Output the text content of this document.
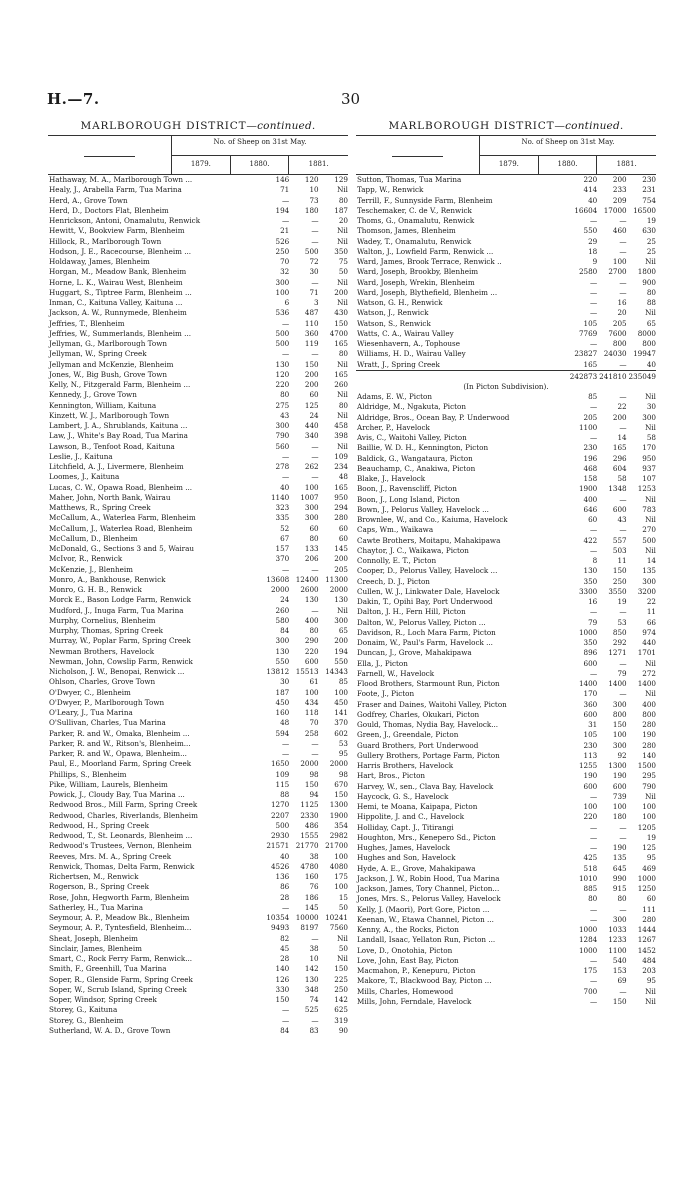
H.—7.	30
MARLBOROUGH DISTRICT—continued.
No. of Sheep on 31st May.
1879.	1880.	1881.
Hathaway, M. A., Marlborough Town ...	146	120	129
Healy, J., Arabella Farm, Tua Marina	71	10	Nil
Herd, A., Grove Town	—	73	80
Herd, D., Doctors Flat, Blenheim	194	180	187
Henrickson, Antoni, Onamalutu, Renwick	—	—	20
Hewitt, V., Bookview Farm, Blenheim	21	—	Nil
Hillock, R., Marlborough Town	526	—	Nil
Hodson, J. E., Racecourse, Blenheim ...	250	500	350
Holdaway, James, Blenheim	70	72	75
Horgan, M., Meadow Bank, Blenheim	32	30	50
Horne, L. K., Wairau West, Blenheim	300	—	Nil
Huggart, S., Tiptree Farm, Blenheim ...	100	71	200
Inman, C., Kaituna Valley, Kaituna ...	6	3	Nil
Jackson, A. W., Runnymede, Blenheim	536	487	430
Jeffries, T., Blenheim	—	110	150
Jeffries, W., Summerlands, Blenheim ...	500	360	4700
Jellyman, G., Marlborough Town	500	119	165
Jellyman, W., Spring Creek	—	—	80
Jellyman and McKenzie, Blenheim	130	150	Nil
Jones, W., Big Bush, Grove Town	120	200	165
Kelly, N., Fitzgerald Farm, Blenheim ...	220	200	260
Kennedy, J., Grove Town	80	60	Nil
Kennington, William, Kaituna	275	125	80
Kinzett, W. J., Marlborough Town	43	24	Nil
Lambert, J. A., Shrublands, Kaituna ...	300	440	458
Law, J., White's Bay Road, Tua Marina	790	340	398
Lawson, B., Tenfoot Road, Kaituna	560	—	Nil
Leslie, J., Kaituna	—	—	109
Litchfield, A. J., Livermere, Blenheim	278	262	234
Loomes, J., Kaituna	—	—	48
Lucas, C. W., Opawa Road, Blenheim ...	40	100	165
Maher, John, North Bank, Wairau	1140	1007	950
Matthews, R., Spring Creek	323	300	294
McCallum, A., Waterlea Farm, Blenheim	335	300	280
McCallum, J., Waterlea Road, Blenheim	52	60	60
McCallum, D., Blenheim	67	80	60
McDonald, G., Sections 3 and 5, Wairau	157	133	145
McIvor, R., Renwick	370	206	200
McKenzie, J., Blenheim	—	—	205
Monro, A., Bankhouse, Renwick	13608 12400 11300
Monro, G. H. B., Renwick	2000	2600	2000
Morck E., Bason Lodge Farm, Renwick	24	130	130
Mudford, J., Inuga Farm, Tua Marina	260	—	Nil
Murphy, Cornelius, Blenheim	580	400	300
Murphy, Thomas, Spring Creek	84	80	65
Murray, W., Poplar Farm, Spring Creek	300	290	200
Newman Brothers, Havelock	130	220	194
Newman, John, Cowslip Farm, Renwick	550	600	550
Nicholson, J. W., Benopai, Renwick ...	13812 15513 14343
Ohlson, Charles, Grove Town	30	61	85
O'Dwyer, C., Blenheim	187	100	100
O'Dwyer, P., Marlborough Town	450	434	450
O'Leary, J., Tua Marina	160	118	141
O'Sullivan, Charles, Tua Marina	48	70	370
Parker, R. and W., Omaka, Blenheim ...	594	258	602
Parker, R. and W., Ritson's, Blenheim...	—	—	53
Parker, R. and W., Opawa, Blenheim...	—	—	95
Paul, E., Moorland Farm, Spring Creek	1650	2000	2000
Phillips, S., Blenheim	109	98	98
Pike, William, Laurels, Blenheim	115	150	670
Powick, J., Cloudy Bay, Tua Marina ...	88	94	150
Redwood Bros., Mill Farm, Spring Creek	1270	1125	1300
Redwood, Charles, Riverlands, Blenheim	2207	2330	1900
Redwood, H., Spring Creek	500	486	354
Redwood, T., St. Leonards, Blenheim ...	2930	1555	2982
Redwood's Trustees, Vernon, Blenheim	21571 21770 21700
Reeves, Mrs. M. A., Spring Creek	40	38	100
Renwick, Thomas, Delta Farm, Renwick	4526	4780	4080
Richertsen, M., Renwick	136	160	175
Rogerson, B., Spring Creek	86	76	100
Rose, John, Hegworth Farm, Blenheim	28	186	15
Satherley, H., Tua Marina	—	145	50
Seymour, A. P., Meadow Bk., Blenheim	10354 10000 10241
Seymour, A. P., Tyntesfield, Blenheim...	9493	8197	7560
Sheat, Joseph, Blenheim	82	—	Nil
Sinclair, James, Blenheim	45	38	50
Smart, C., Rock Ferry Farm, Renwick...	28	10	Nil
Smith, F., Greenhill, Tua Marina	140	142	150
Soper, R., Glenside Farm, Spring Creek	126	130	225
Soper, W., Scrub Island, Spring Creek	330	348	250
Soper, Windsor, Spring Creek	150	74	142
Storey, G., Kaituna	—	525	625
Storey, G., Blenheim	—	—	319
Sutherland, W. A. D., Grove Town	84	83	90
MARLBOROUGH DISTRICT—continued.
No. of Sheep on 31st May.
1879.	1880.	1881.
Sutton, Thomas, Tua Marina	220	200	230
Tapp, W., Renwick	414	233	231
Terrill, F., Sunnyside Farm, Blenheim	40	209	754
Teschemaker, C. de V., Renwick	16604 17000 16500
Thoms, G., Onamalutu, Renwick	—	—	19
Thomson, James, Blenheim	550	460	630
Wadey, T., Onamalutu, Renwick	29	—	25
Walton, J., Lowfield Farm, Renwick ...	18	—	25
Ward, James, Brook Terrace, Renwick ..	9	100	Nil
Ward, Joseph, Brookby, Blenheim	2580	2700	1800
Ward, Joseph, Wrekin, Blenheim	—	—	900
Ward, Joseph, Blythefield, Blenheim ...	—	—	80
Watson, G. H., Renwick	—	16	88
Watson, J., Renwick	—	20	Nil
Watson, S., Renwick	105	205	65
Watts, C. A., Wairau Valley	7769	7600	8000
Wiesenhavern, A., Tophouse	—	800	800
Williams, H. D., Wairau Valley	23827 24030 19947
Wratt, J., Spring Creek	165	—	40
242873 241810 235049
(In Picton Subdivision).
Adams, E. W., Picton	85	—	Nil
Aldridge, M., Ngakuta, Picton	—	22	30
Aldridge, Bros., Ocean Bay, P. Underwood	205	200	300
Archer, P., Havelock	1100	—	Nil
Avis, C., Waitohi Valley, Picton	—	14	58
Baillie, W. D. H., Kennington, Picton	230	165	170
Baldick, G., Wangataura, Picton	196	296	950
Beauchamp, C., Anakiwa, Picton	468	604	937
Blake, J., Havelock	158	58	107
Boon, J., Ravenscliff, Picton	1900	1348	1253
Boon, J., Long Island, Picton	400	—	Nil
Bown, J., Pelorus Valley, Havelock ...	646	600	783
Brownlee, W., and Co., Kaiuma, Havelock	60	43	Nil
Caps, Wm., Waikawa	—	—	270
Cawte Brothers, Moitapu, Mahakipawa	422	557	500
Chaytor, J. C., Waikawa, Picton	—	503	Nil
Connolly, E. T., Picton	8	11	14
Cooper, D., Pelorus Valley, Havelock ...	130	150	135
Creech, D. J., Picton	350	250	300
Cullen, W. J., Linkwater Dale, Havelock	3300	3550	3200
Dakin, T., Opihi Bay, Port Underwood	16	19	22
Dalton, J. H., Fern Hill, Picton	—	—	11
Dalton, W., Pelorus Valley, Picton ...	79	53	66
Davidson, R., Loch Mara Farm, Picton	1000	850	974
Donaim, W., Paul's Farm, Havelock ...	350	292	440
Duncan, J., Grove, Mahakipawa	896	1271	1701
Ella, J., Picton	600	—	Nil
Farnell, W., Havelock	—	79	272
Flood Brothers, Starmount Run, Picton	1400	1400	1400
Foote, J., Picton	170	—	Nil
Fraser and Daines, Waitohi Valley, Picton	360	300	400
Godfrey, Charles, Okukari, Picton	600	800	800
Gould, Thomas, Nydia Bay, Havelock...	31	150	280
Green, J., Greendale, Picton	105	100	190
Guard Brothers, Port Underwood	230	300	280
Gullery Brothers, Portage Farm, Picton	113	92	140
Harris Brothers, Havelock	1255	1300	1500
Hart, Bros., Picton	190	190	295
Harvey, W., sen., Clava Bay, Havelock	600	600	790
Haycock, G. S., Havelock	—	739	Nil
Hemi, te Moana, Kaipapa, Picton	100	100	100
Hippolite, J. and C., Havelock	220	180	100
Holliday, Capt. J., Titirangi	—	—	1205
Houghton, Mrs., Kenepero Sd., Picton	—	—	19
Hughes, James, Havelock	—	190	125
Hughes and Son, Havelock	425	135	95
Hyde, A. E., Grove, Mahakipawa	518	645	469
Jackson, J. W., Robin Hood, Tua Marina	1010	990	1000
Jackson, James, Tory Channel, Picton...	885	915	1250
Jones, Mrs. S., Pelorus Valley, Havelock	80	80	60
Kelly, J. (Maori), Port Gore, Picton ...	—	—	111
Keenan, W., Etawa Channel, Picton ...	—	300	280
Kenny, A., the Rocks, Picton	1000	1033	1444
Landall, Isaac, Yellaton Run, Picton ...	1284	1233	1267
Love, D., Onotohia, Picton	1000	1100	1452
Love, John, East Bay, Picton	—	540	484
Macmahon, P., Kenepuru, Picton	175	153	203
Makore, T., Blackwood Bay, Picton ...	—	69	95
Mills, Charles, Homewood	700	—	Nil
Mills, John, Ferndale, Havelock	—	150	Nil
